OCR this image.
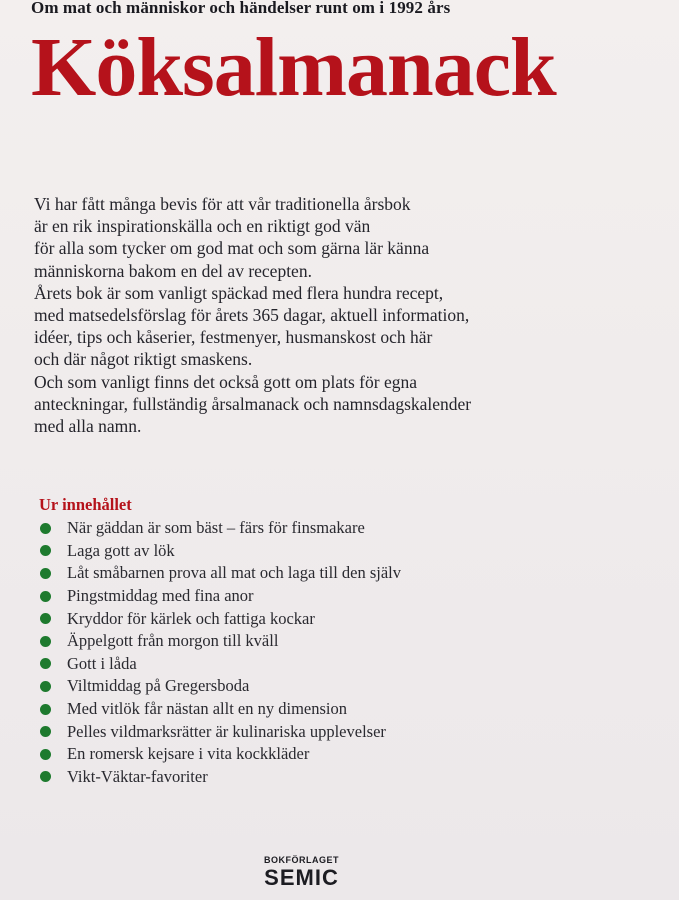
Om mat och människor och händelser runt om i 1992 års
Köksalmanack

Vi har fått många bevis för att vår traditionella årsbok

är en rik inspirationskälla och en riktigt god vän

för alla som tycker om god mat och som gärna lär känna

människorna bakom en del av recepten.

Årets bok är som vanligt späckad med flera hundra recept,

med matsedelsförslag för årets 365 dagar, aktuell information,

idéer, tips och kåserier, festmenyer, husmanskost och här

och där något riktigt smaskens.

Och som vanligt finns det också gott om plats för egna

anteckningar, fullständig årsalmanack och namnsdagskalender

med alla namn.

Ur innehållet
När gäddan är som bäst – färs för finsmakare
Laga gott av lök
Låt småbarnen prova all mat och laga till den själv
Pingstmiddag med fina anor
Kryddor för kärlek och fattiga kockar
Äppelgott från morgon till kväll
Gott i låda
Viltmiddag på Gregersboda
Med vitlök får nästan allt en ny dimension
Pelles vildmarksrätter är kulinariska upplevelser
En romersk kejsare i vita kockkläder
Vikt-Väktar-favoriter
BOKFÖRLAGET
SEMIC
